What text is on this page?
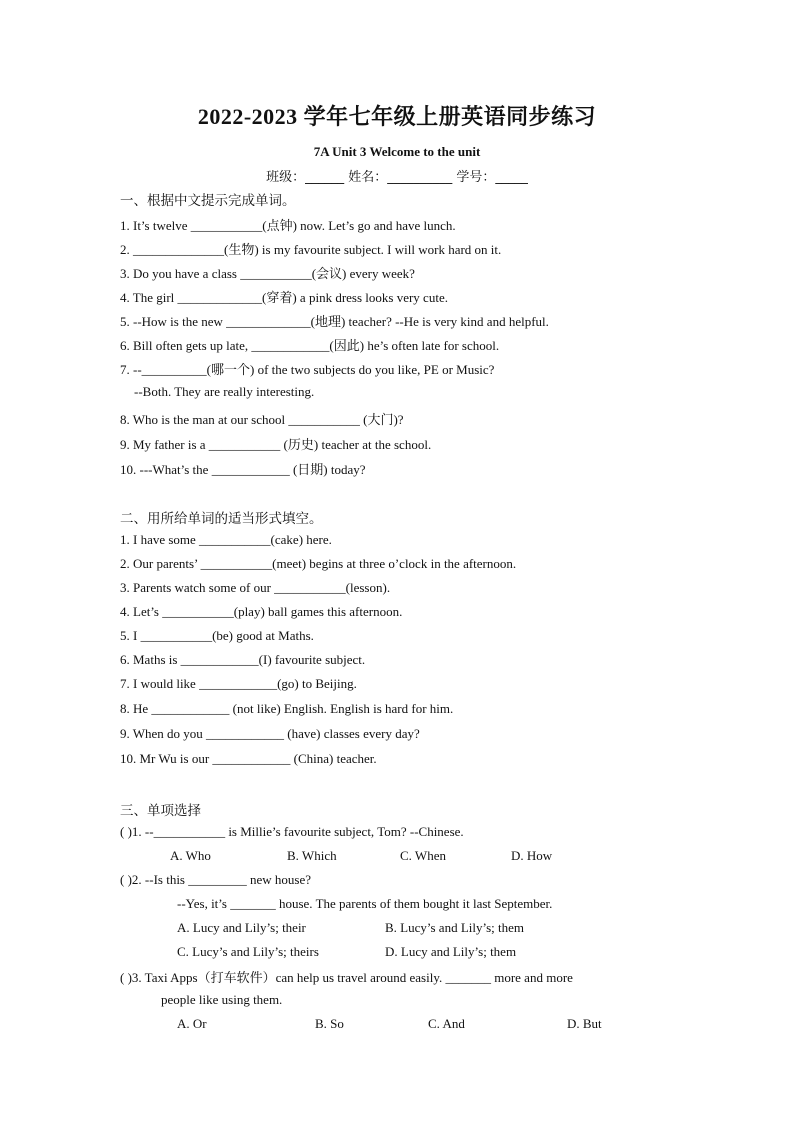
2022-2023 学年七年级上册英语同步练习
7A Unit 3 Welcome to the unit
班级：______ 姓名：__________ 学号：_____
一、根据中文提示完成单词。
1. It’s twelve ___________(点钟) now. Let’s go and have lunch.
2. ______________(生物) is my favourite subject. I will work hard on it.
3. Do you have a class ___________(会议) every week?
4. The girl _____________(穿着) a pink dress looks very cute.
5. --How is the new _____________(地理) teacher? --He is very kind and helpful.
6. Bill often gets up late, ____________(因此) he’s often late for school.
7. --__________(哪一个) of the two subjects do you like, PE or Music?
--Both. They are really interesting.
8. Who is the man at our school ___________ (大门)?
9. My father is a ___________ (历史) teacher at the school.
10. ---What’s the ____________ (日期) today?
二、用所给单词的适当形式填空。
1. I have some ___________(cake) here.
2. Our parents’ ___________(meet) begins at three o’clock in the afternoon.
3. Parents watch some of our ___________(lesson).
4. Let’s ___________(play) ball games this afternoon.
5. I ___________(be) good at Maths.
6. Maths is ____________(I) favourite subject.
7. I would like ____________(go) to Beijing.
8. He ____________ (not like) English. English is hard for him.
9. When do you ____________ (have) classes every day?
10. Mr Wu is our ____________ (China) teacher.
三、单项选择
( )1. --___________ is Millie’s favourite subject, Tom? --Chinese.
A. Who	B. Which	C. When	D. How
( )2. --Is this _________ new house?
--Yes, it’s _______ house. The parents of them bought it last September.
A. Lucy and Lily’s; their	B. Lucy’s and Lily’s; them
C. Lucy’s and Lily’s; theirs	D. Lucy and Lily’s; them
( )3. Taxi Apps（打车软件）can help us travel around easily. _______ more and more
people like using them.
A. Or	B. So	C. And	D. But
